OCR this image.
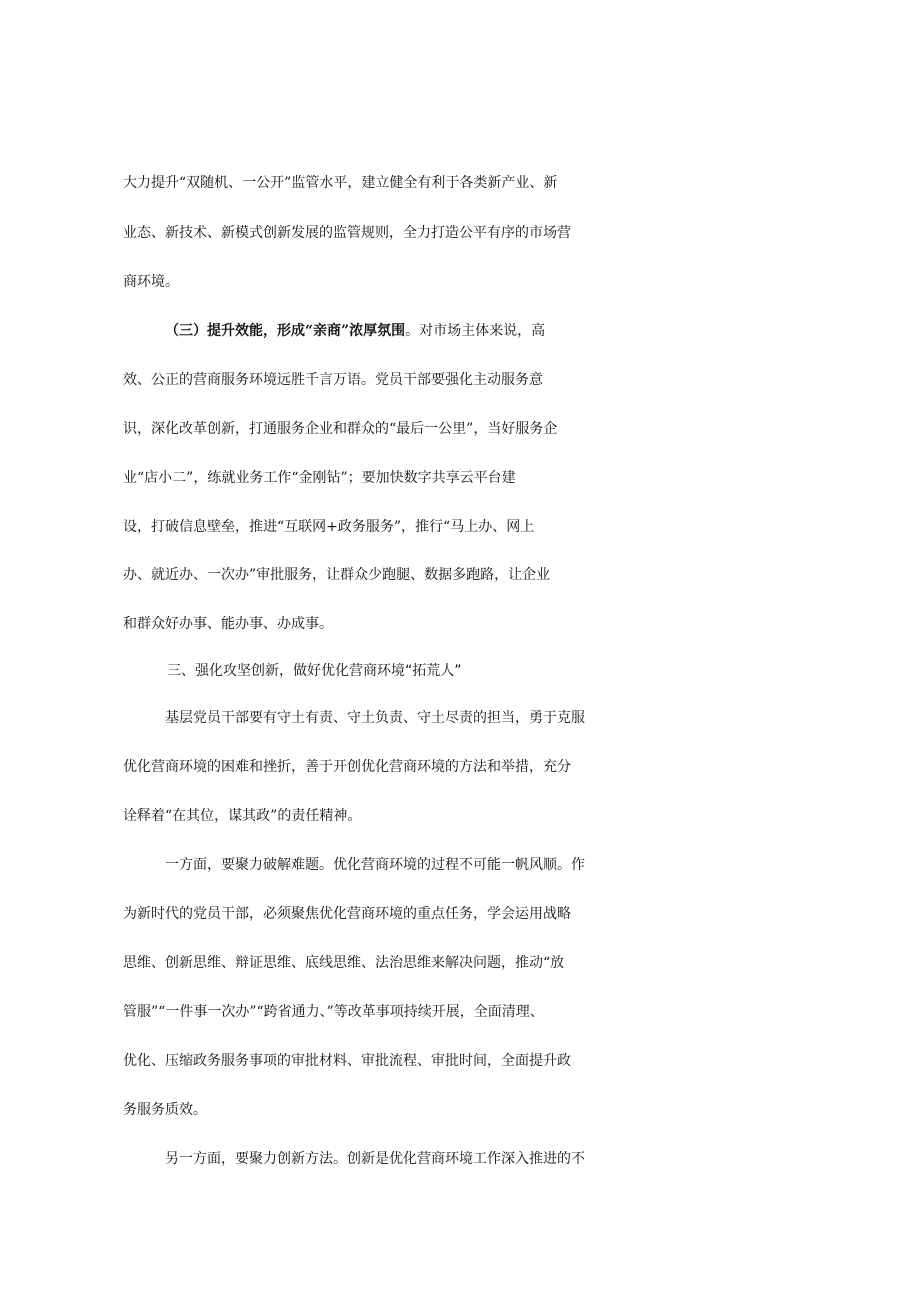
大力提升“双随机、一公开”监管水平，建立健全有利于各类新产业、新
业态、新技术、新模式创新发展的监管规则，全力打造公平有序的市场营
商环境。
（三）提升效能，形成“亲商”浓厚氛围。对市场主体来说，高
效、公正的营商服务环境远胜千言万语。党员干部要强化主动服务意
识，深化改革创新，打通服务企业和群众的“最后一公里”，当好服务企
业“店小二”，练就业务工作“金刚钻”；要加快数字共享云平台建
设，打破信息壁垒，推进“互联网+政务服务”，推行“马上办、网上
办、就近办、一次办”审批服务，让群众少跑腿、数据多跑路，让企业
和群众好办事、能办事、办成事。
三、强化攻坚创新，做好优化营商环境“拓荒人”
基层党员干部要有守土有责、守土负责、守土尽责的担当，勇于克服
优化营商环境的困难和挫折，善于开创优化营商环境的方法和举措，充分
诠释着“在其位，谋其政”的责任精神。
一方面，要聚力破解难题。优化营商环境的过程不可能一帆风顺。作
为新时代的党员干部，必须聚焦优化营商环境的重点任务，学会运用战略
思维、创新思维、辩证思维、底线思维、法治思维来解决问题，推动“放
管服”“一件事一次办”“跨省通力、”等改革事项持续开展，全面清理、
优化、压缩政务服务事项的审批材料、审批流程、审批时间，全面提升政
务服务质效。
另一方面，要聚力创新方法。创新是优化营商环境工作深入推进的不
